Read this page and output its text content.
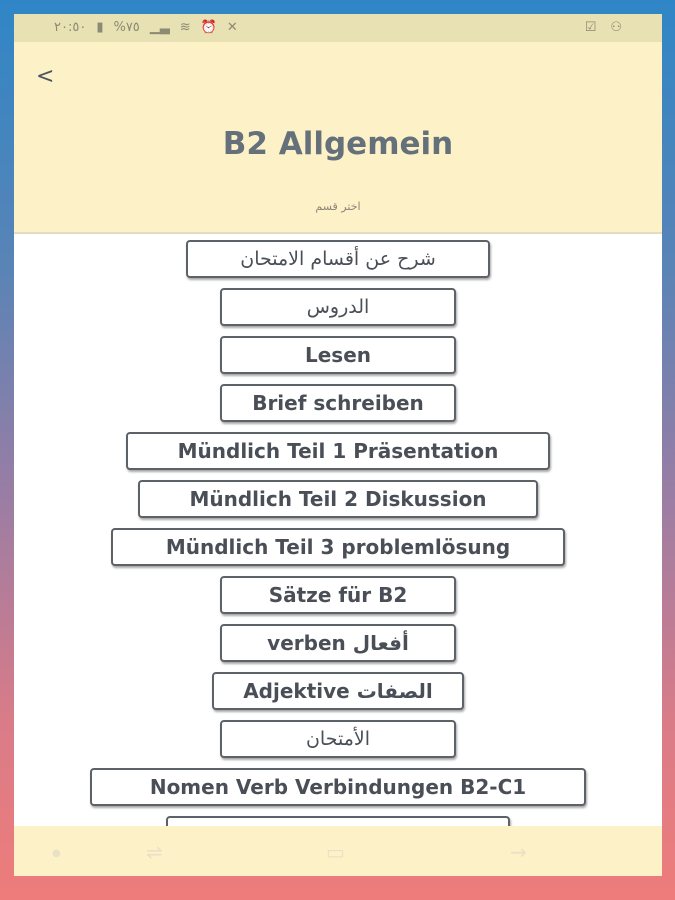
٢٠:٥٠ ▮ %٧٥ ▁▃ ≋ ⏰ ✕	☑ ⚇
<
B2 Allgemein
اختر قسم
شرح عن أقسام الامتحان
الدروس
Lesen
Brief schreiben
Mündlich Teil 1 Präsentation
Mündlich Teil 2 Diskussion
Mündlich Teil 3 problemlösung
Sätze für B2
verben أفعال
Adjektive الصفات
الأمتحان
Nomen Verb Verbindungen B2-C1
●	⇌	▭	→
